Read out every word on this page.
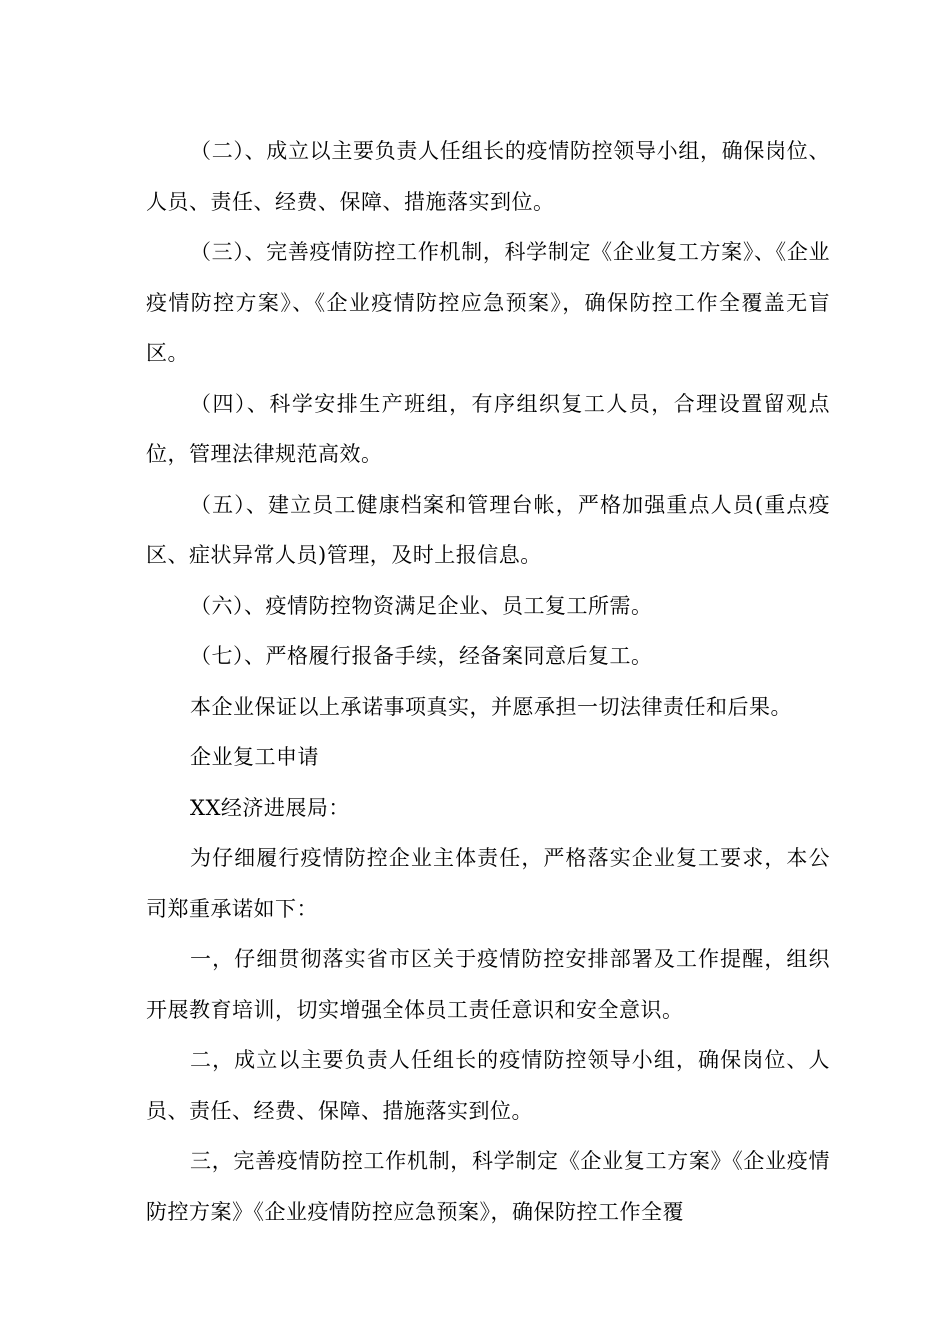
（二）、成立以主要负责人任组长的疫情防控领导小组，确保岗位、人员、责任、经费、保障、措施落实到位。

（三）、完善疫情防控工作机制，科学制定《企业复工方案》、《企业疫情防控方案》、《企业疫情防控应急预案》，确保防控工作全覆盖无盲区。

（四）、科学安排生产班组，有序组织复工人员，合理设置留观点位，管理法律规范高效。

（五）、建立员工健康档案和管理台帐，严格加强重点人员(重点疫区、症状异常人员)管理，及时上报信息。

（六）、疫情防控物资满足企业、员工复工所需。

（七）、严格履行报备手续，经备案同意后复工。

本企业保证以上承诺事项真实，并愿承担一切法律责任和后果。

企业复工申请

XX经济进展局：

为仔细履行疫情防控企业主体责任，严格落实企业复工要求，本公司郑重承诺如下：

一，仔细贯彻落实省市区关于疫情防控安排部署及工作提醒，组织开展教育培训，切实增强全体员工责任意识和安全意识。

二，成立以主要负责人任组长的疫情防控领导小组，确保岗位、人员、责任、经费、保障、措施落实到位。

三，完善疫情防控工作机制，科学制定《企业复工方案》《企业疫情防控方案》《企业疫情防控应急预案》，确保防控工作全覆
